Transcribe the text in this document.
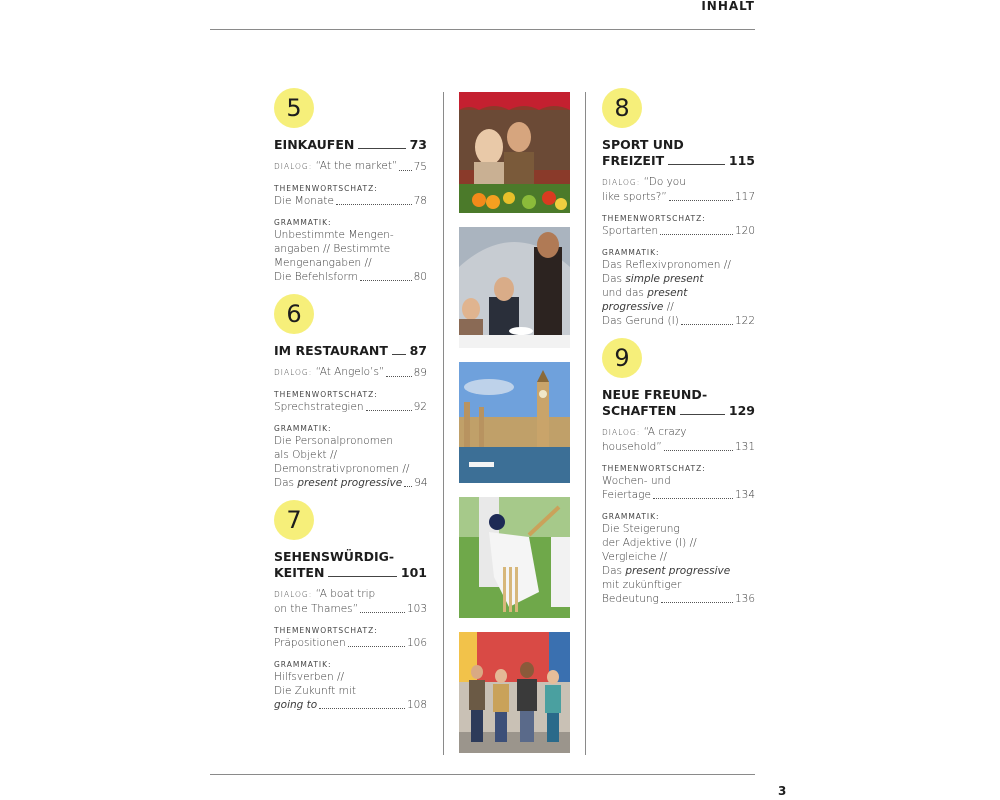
INHALT
3
5
EINKAUFEN	73
DIALOG: “At the market” 75
THEMENWORTSCHATZ:
Die Monate	78
GRAMMATIK:
Unbestimmte Mengen-
angaben // Bestimmte
Mengenangaben //
Die Befehlsform	80
6
IM RESTAURANT 87
DIALOG: “At Angelo’s”	89
THEMENWORTSCHATZ:
Sprechstrategien	92
GRAMMATIK:
Die Personalpronomen
als Objekt //
Demonstrativpronomen //
Das present progressive 94
7
SEHENSWÜRDIG-
KEITEN	101
DIALOG: “A boat trip
on the Thames”	103
THEMENWORTSCHATZ:
Präpositionen	106
GRAMMATIK:
Hilfsverben //
Die Zukunft mit
going to	108
8
SPORT UND
FREIZEIT	115
DIALOG: “Do you
like sports?”	117
THEMENWORTSCHATZ:
Sportarten	120
GRAMMATIK:
Das Reflexivpronomen //
Das simple present
und das present
progressive //
Das Gerund (I)	122
9
NEUE FREUND-
SCHAFTEN	129
DIALOG: “A crazy
household”	131
THEMENWORTSCHATZ:
Wochen- und
Feiertage	134
GRAMMATIK:
Die Steigerung
der Adjektive (I) //
Vergleiche //
Das present progressive
mit zukünftiger
Bedeutung	136
